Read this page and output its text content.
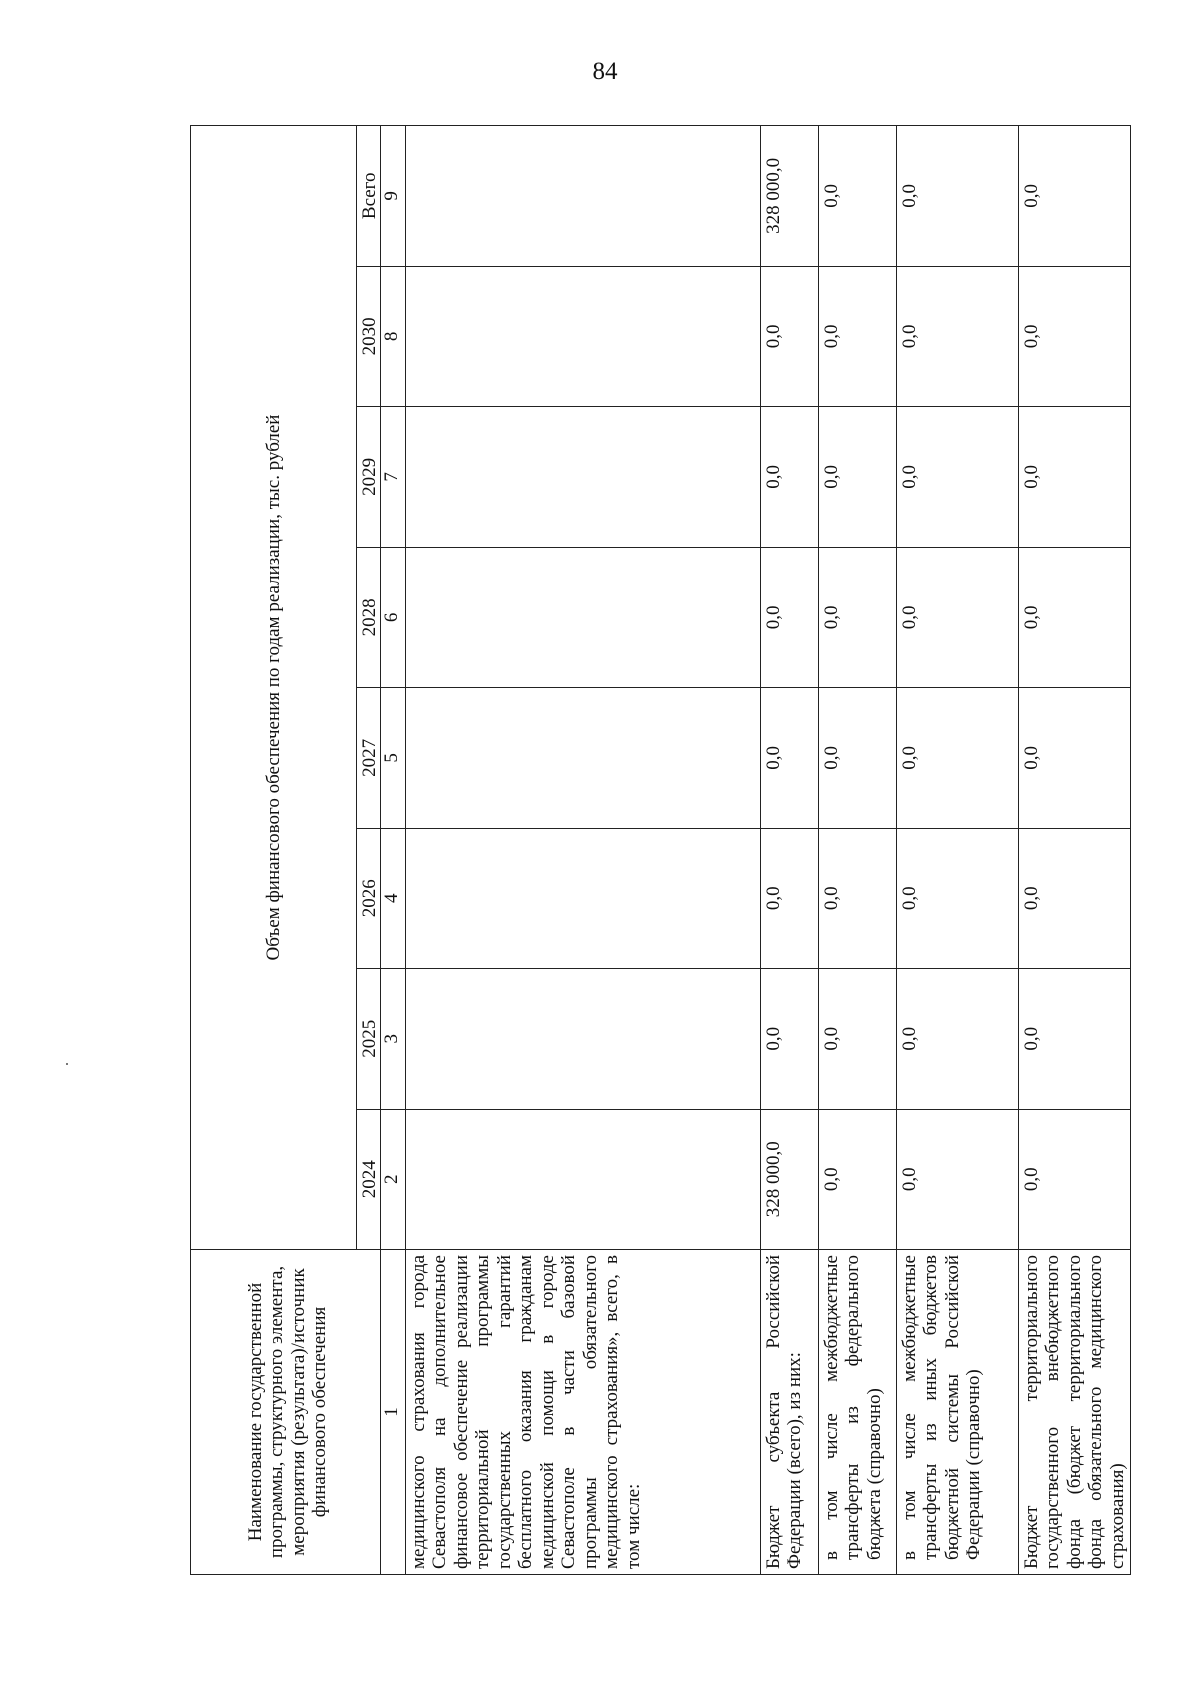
84
Наименование государственной программы, структурного элемента, мероприятия (результата)/источник финансового обеспечения	Объем финансового обеспечения по годам реализации, тыс. рублей							
	2024	2025	2026	2027	2028	2029	2030	Всего
1	2	3	4	5	6	7	8	9
медицинского страхования города Севастополя на дополнительное финансовое обеспечение реализации территориальной программы государственных гарантий бесплатного оказания гражданам медицинской помощи в городе Севастополе в части базовой программы обязательного медицинского страхования», всего, в том числе:								
Бюджет субъекта Российской Федерации (всего), из них:	328 000,0	0,0	0,0	0,0	0,0	0,0	0,0	328 000,0
в том числе межбюджетные трансферты из федерального бюджета (справочно)	0,0	0,0	0,0	0,0	0,0	0,0	0,0	0,0
в том числе межбюджетные трансферты из иных бюджетов бюджетной системы Российской Федерации (справочно)	0,0	0,0	0,0	0,0	0,0	0,0	0,0	0,0
Бюджет территориального государственного внебюджетного фонда (бюджет территориального фонда обязательного медицинского страхования)	0,0	0,0	0,0	0,0	0,0	0,0	0,0	0,0
